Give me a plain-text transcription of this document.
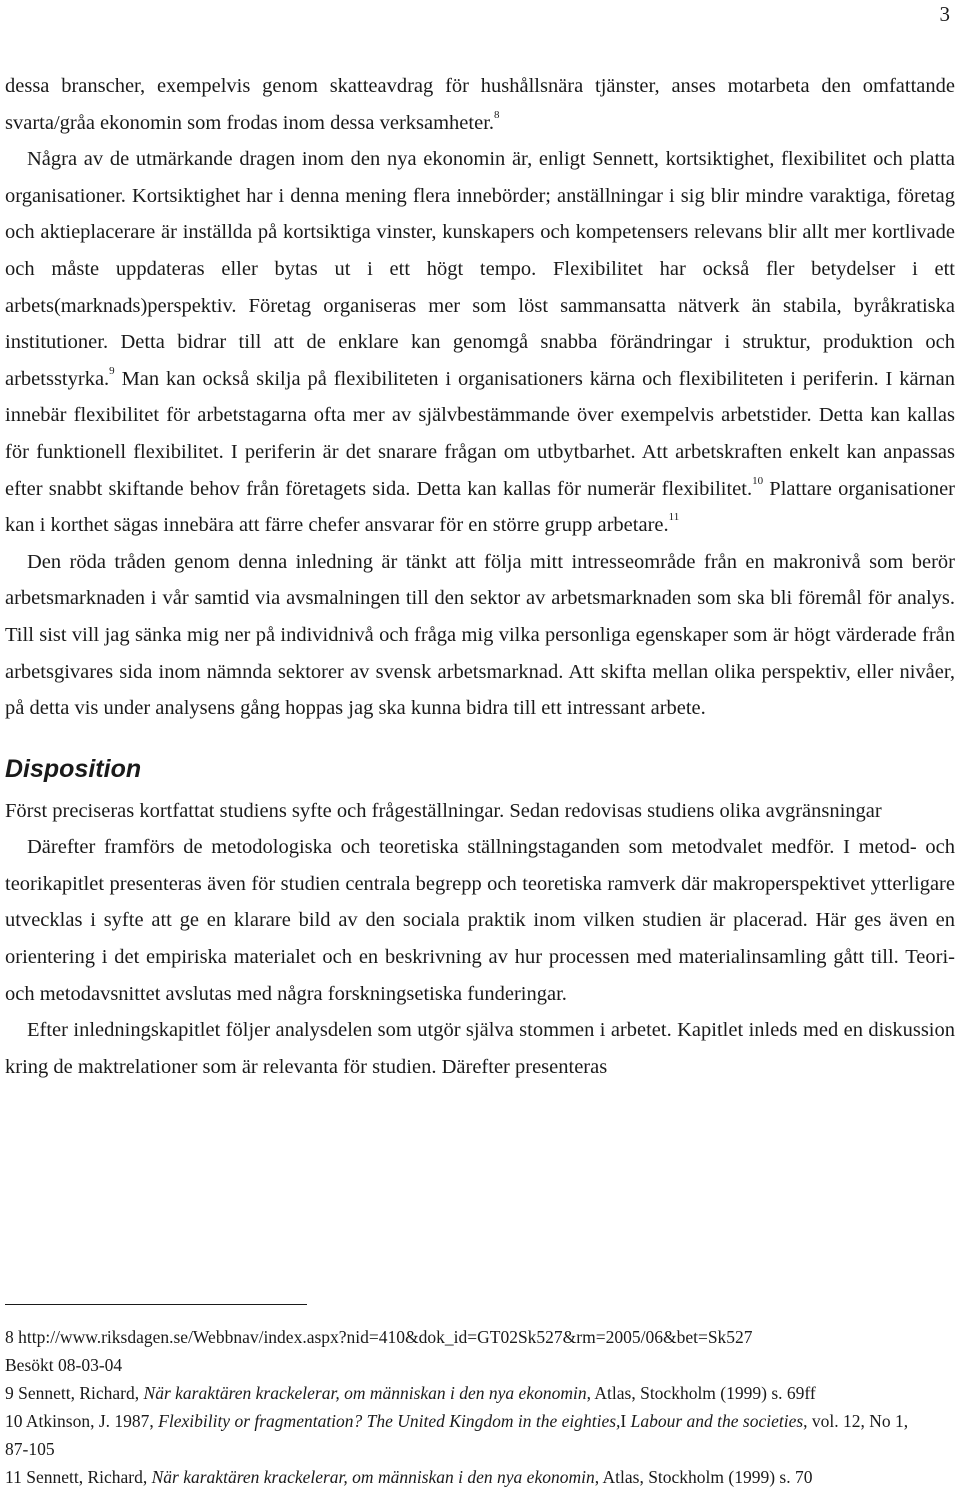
3

dessa branscher, exempelvis genom skatteavdrag för hushållsnära tjänster, anses motarbeta den omfattande svarta/gråa ekonomin som frodas inom dessa verksamheter.$^8$

Några av de utmärkande dragen inom den nya ekonomin är, enligt Sennett, kortsiktighet, flexibilitet och platta organisationer. Kortsiktighet har i denna mening flera innebörder; anställningar i sig blir mindre varaktiga, företag och aktieplacerare är inställda på kortsiktiga vinster, kunskapers och kompetensers relevans blir allt mer kortlivade och måste uppdateras eller bytas ut i ett högt tempo. Flexibilitet har också fler betydelser i ett arbets(marknads)perspektiv. Företag organiseras mer som löst sammansatta nätverk än stabila, byråkratiska institutioner. Detta bidrar till att de enklare kan genomgå snabba förändringar i struktur, produktion och arbetsstyrka.$^9$ Man kan också skilja på flexibiliteten i organisationers kärna och flexibiliteten i periferin. I kärnan innebär flexibilitet för arbetstagarna ofta mer av självbestämmande över exempelvis arbetstider. Detta kan kallas för funktionell flexibilitet. I periferin är det snarare frågan om utbytbarhet. Att arbetskraften enkelt kan anpassas efter snabbt skiftande behov från företagets sida. Detta kan kallas för numerär flexibilitet.$^{10}$ Plattare organisationer kan i korthet sägas innebära att färre chefer ansvarar för en större grupp arbetare.$^{11}$

Den röda tråden genom denna inledning är tänkt att följa mitt intresseområde från en makronivå som berör arbetsmarknaden i vår samtid via avsmalningen till den sektor av arbetsmarknaden som ska bli föremål för analys. Till sist vill jag sänka mig ner på individnivå och fråga mig vilka personliga egenskaper som är högt värderade från arbetsgivares sida inom nämnda sektorer av svensk arbetsmarknad. Att skifta mellan olika perspektiv, eller nivåer, på detta vis under analysens gång hoppas jag ska kunna bidra till ett intressant arbete.

Disposition

Först preciseras kortfattat studiens syfte och frågeställningar. Sedan redovisas studiens olika avgränsningar

Därefter framförs de metodologiska och teoretiska ställningstaganden som metodvalet medför. I metod- och teorikapitlet presenteras även för studien centrala begrepp och teoretiska ramverk där makroperspektivet ytterligare utvecklas i syfte att ge en klarare bild av den sociala praktik inom vilken studien är placerad. Här ges även en orientering i det empiriska materialet och en beskrivning av hur processen med materialinsamling gått till. Teori- och metodavsnittet avslutas med några forskningsetiska funderingar.

Efter inledningskapitlet följer analysdelen som utgör själva stommen i arbetet. Kapitlet inleds med en diskussion kring de maktrelationer som är relevanta för studien. Därefter presenteras

8 http://www.riksdagen.se/Webbnav/index.aspx?nid=410&dok_id=GT02Sk527&rm=2005/06&bet=Sk527
Besökt 08-03-04
9 Sennett, Richard, När karaktären krackelerar, om människan i den nya ekonomin, Atlas, Stockholm (1999) s. 69ff
10 Atkinson, J. 1987, Flexibility or fragmentation? The United Kingdom in the eighties,I Labour and the societies, vol. 12, No 1,
87-105
11 Sennett, Richard, När karaktären krackelerar, om människan i den nya ekonomin, Atlas, Stockholm (1999) s. 70
